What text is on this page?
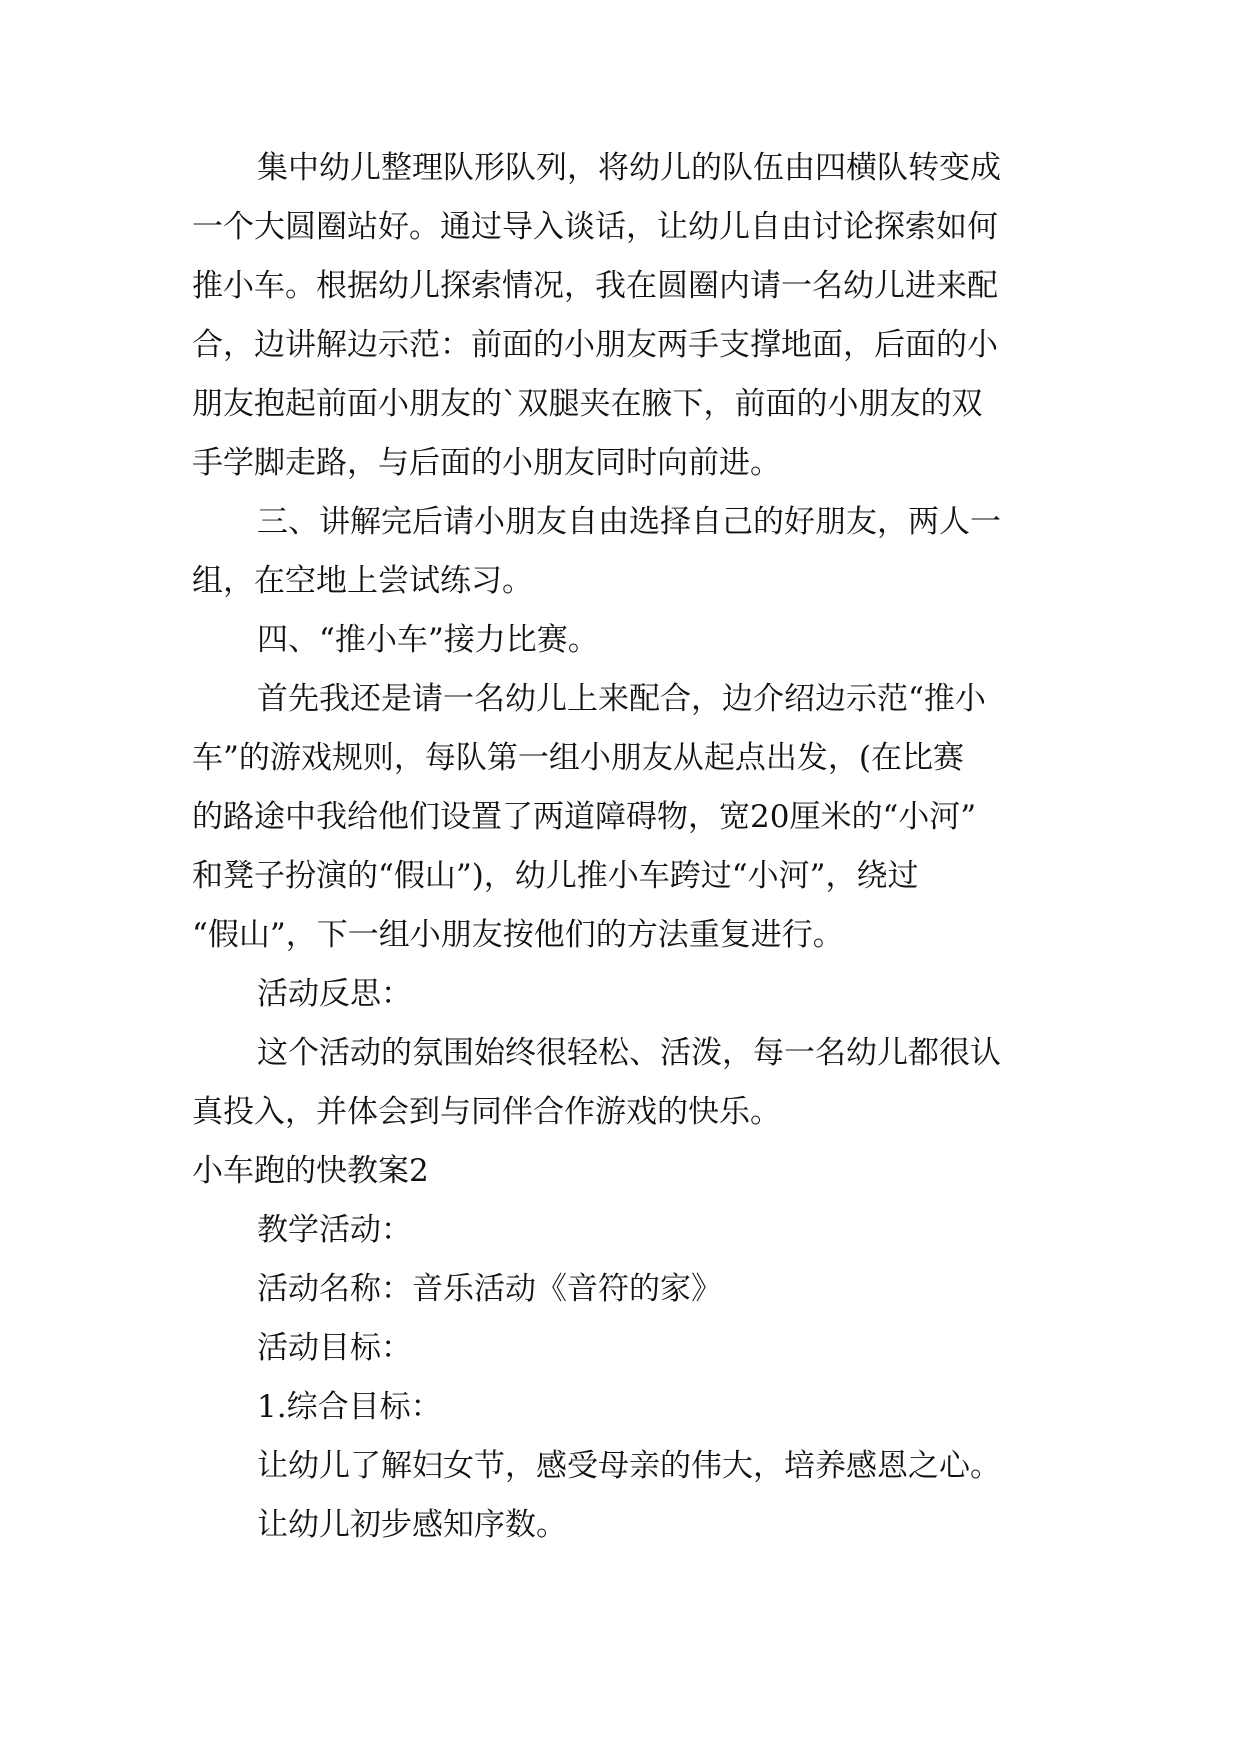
集中幼儿整理队形队列，将幼儿的队伍由四横队转变成
一个大圆圈站好。通过导入谈话，让幼儿自由讨论探索如何
推小车。根据幼儿探索情况，我在圆圈内请一名幼儿进来配
合，边讲解边示范：前面的小朋友两手支撑地面，后面的小
朋友抱起前面小朋友的`双腿夹在腋下，前面的小朋友的双
手学脚走路，与后面的小朋友同时向前进。
三、讲解完后请小朋友自由选择自己的好朋友，两人一
组，在空地上尝试练习。
四、“推小车”接力比赛。
首先我还是请一名幼儿上来配合，边介绍边示范“推小
车”的游戏规则，每队第一组小朋友从起点出发，(在比赛
的路途中我给他们设置了两道障碍物，宽20厘米的“小河”
和凳子扮演的“假山”)，幼儿推小车跨过“小河”，绕过
“假山”，下一组小朋友按他们的方法重复进行。
活动反思：
这个活动的氛围始终很轻松、活泼，每一名幼儿都很认
真投入，并体会到与同伴合作游戏的快乐。
小车跑的快教案2
教学活动：
活动名称：音乐活动《音符的家》
活动目标：
1.综合目标：
让幼儿了解妇女节，感受母亲的伟大，培养感恩之心。
让幼儿初步感知序数。
